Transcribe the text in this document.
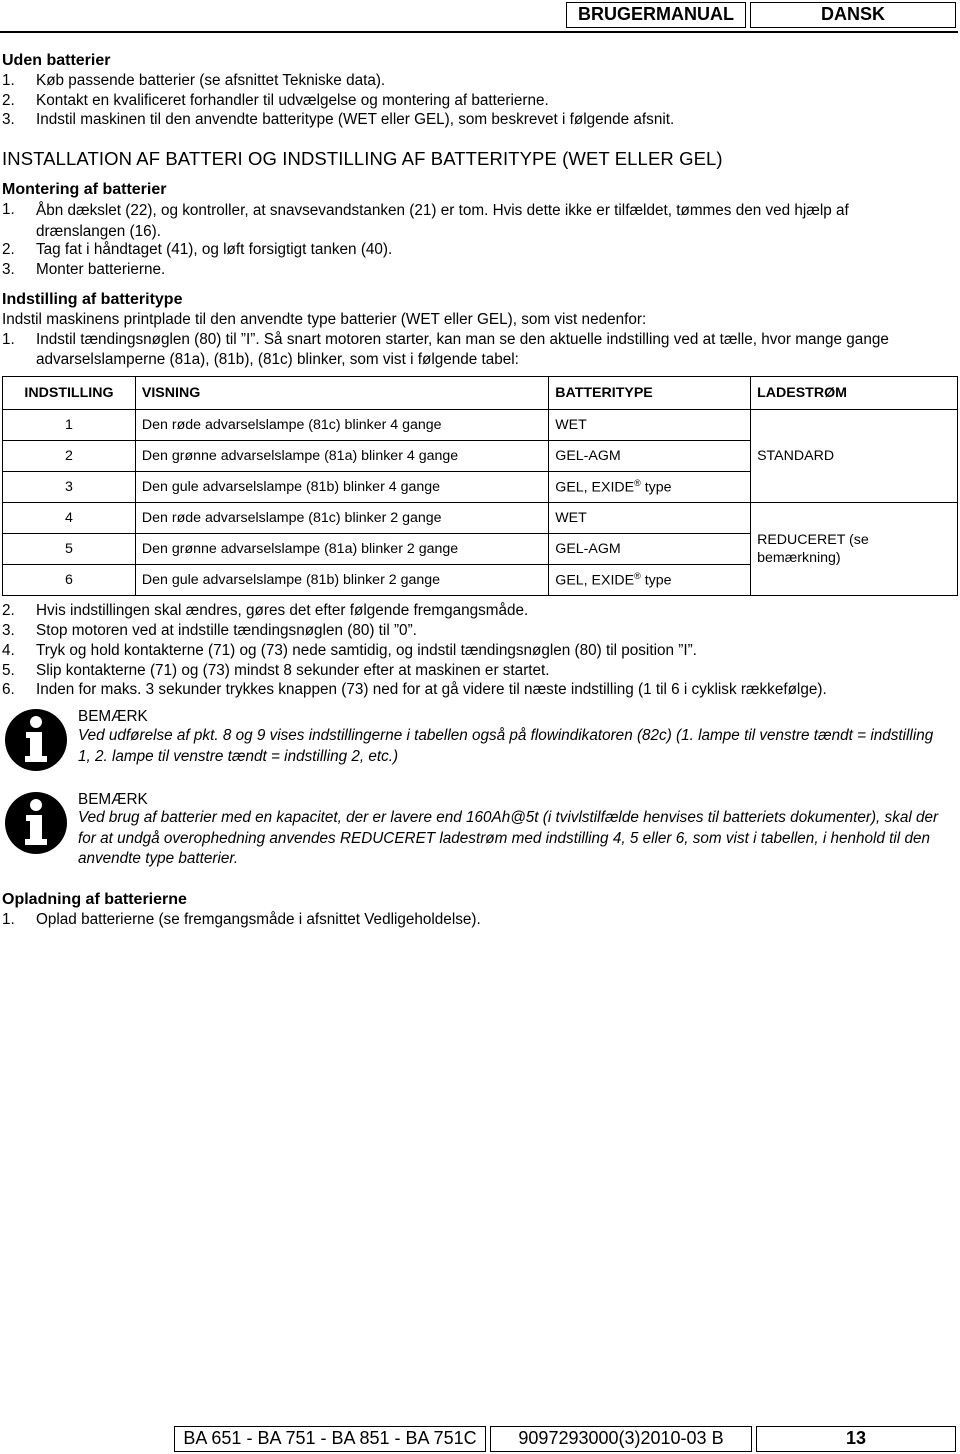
BRUGERMANUAL	DANSK
Uden batterier
1. Køb passende batterier (se afsnittet Tekniske data).
2. Kontakt en kvalificeret forhandler til udvælgelse og montering af batterierne.
3. Indstil maskinen til den anvendte batteritype (WET eller GEL), som beskrevet i følgende afsnit.
INSTALLATION AF BATTERI OG INDSTILLING AF BATTERITYPE (WET ELLER GEL)
Montering af batterier
1. Åbn dækslet (22), og kontroller, at snavsevandstanken (21) er tom. Hvis dette ikke er tilfældet, tømmes den ved hjælp af drænslangen (16).
2. Tag fat i håndtaget (41), og løft forsigtigt tanken (40).
3. Monter batterierne.
Indstilling af batteritype
Indstil maskinens printplade til den anvendte type batterier (WET eller GEL), som vist nedenfor:
1. Indstil tændingsnøglen (80) til ”I”. Så snart motoren starter, kan man se den aktuelle indstilling ved at tælle, hvor mange gange advarselslamperne (81a), (81b), (81c) blinker, som vist i følgende tabel:
INDSTILLING	VISNING	BATTERITYPE	LADESTRØM
1	Den røde advarselslampe (81c) blinker 4 gange	WET	STANDARD
2	Den grønne advarselslampe (81a) blinker 4 gange	GEL-AGM	
3	Den gule advarselslampe (81b) blinker 4 gange	GEL, EXIDE® type	
4	Den røde advarselslampe (81c) blinker 2 gange	WET	REDUCERET (se bemærkning)
5	Den grønne advarselslampe (81a) blinker 2 gange	GEL-AGM	
6	Den gule advarselslampe (81b) blinker 2 gange	GEL, EXIDE® type	
2. Hvis indstillingen skal ændres, gøres det efter følgende fremgangsmåde.
3. Stop motoren ved at indstille tændingsnøglen (80) til ”0”.
4. Tryk og hold kontakterne (71) og (73) nede samtidig, og indstil tændingsnøglen (80) til position ”I”.
5. Slip kontakterne (71) og (73) mindst 8 sekunder efter at maskinen er startet.
6. Inden for maks. 3 sekunder trykkes knappen (73) ned for at gå videre til næste indstilling (1 til 6 i cyklisk rækkefølge).
BEMÆRK
Ved udførelse af pkt. 8 og 9 vises indstillingerne i tabellen også på flowindikatoren (82c) (1. lampe til venstre tændt = indstilling 1, 2. lampe til venstre tændt = indstilling 2, etc.)
BEMÆRK
Ved brug af batterier med en kapacitet, der er lavere end 160Ah@5t (i tvivlstilfælde henvises til batteriets dokumenter), skal der for at undgå overophedning anvendes REDUCERET ladestrøm med indstilling 4, 5 eller 6, som vist i tabellen, i henhold til den anvendte type batterier.
Opladning af batterierne
1. Oplad batterierne (se fremgangsmåde i afsnittet Vedligeholdelse).
BA 651 - BA 751 - BA 851 - BA 751C	9097293000(3)2010-03 B	13
